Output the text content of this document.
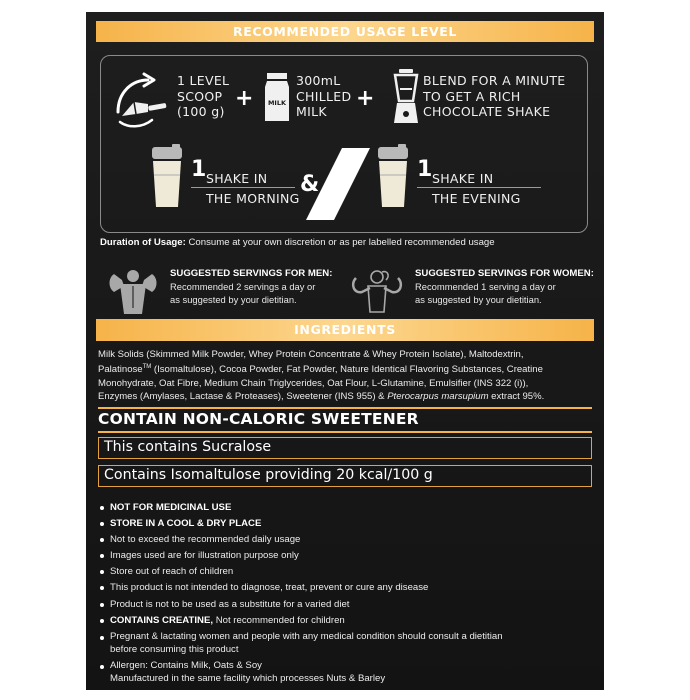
RECOMMENDED USAGE LEVEL
1 LEVEL
SCOOP
(100 g)
+ MILK
300mL
CHILLED
MILK
+
BLEND FOR A MINUTE
TO GET A RICH
CHOCOLATE SHAKE
1 SHAKE IN
THE MORNING
&
1 SHAKE IN
THE EVENING
Duration of Usage: Consume at your own discretion or as per labelled recommended usage
SUGGESTED SERVINGS FOR MEN:
Recommended 2 servings a day or
as suggested by your dietitian.
SUGGESTED SERVINGS FOR WOMEN:
Recommended 1 serving a day or
as suggested by your dietitian.
INGREDIENTS
Milk Solids (Skimmed Milk Powder, Whey Protein Concentrate & Whey Protein Isolate), Maltodextrin,
Palatinose™ (Isomaltulose), Cocoa Powder, Fat Powder, Nature Identical Flavoring Substances, Creatine
Monohydrate, Oat Fibre, Medium Chain Triglycerides, Oat Flour, L-Glutamine, Emulsifier (INS 322 (i)),
Enzymes (Amylases, Lactase & Proteases), Sweetener (INS 955) & Pterocarpus marsupium extract 95%.
CONTAIN NON-CALORIC SWEETENER
This contains Sucralose
Contains Isomaltulose providing 20 kcal/100 g
NOT FOR MEDICINAL USE
STORE IN A COOL & DRY PLACE
Not to exceed the recommended daily usage
Images used are for illustration purpose only
Store out of reach of children
This product is not intended to diagnose, treat, prevent or cure any disease
Product is not to be used as a substitute for a varied diet
CONTAINS CREATINE, Not recommended for children
Pregnant & lactating women and people with any medical condition should consult a dietitian
before consuming this product
Allergen: Contains Milk, Oats & Soy
Manufactured in the same facility which processes Nuts & Barley
